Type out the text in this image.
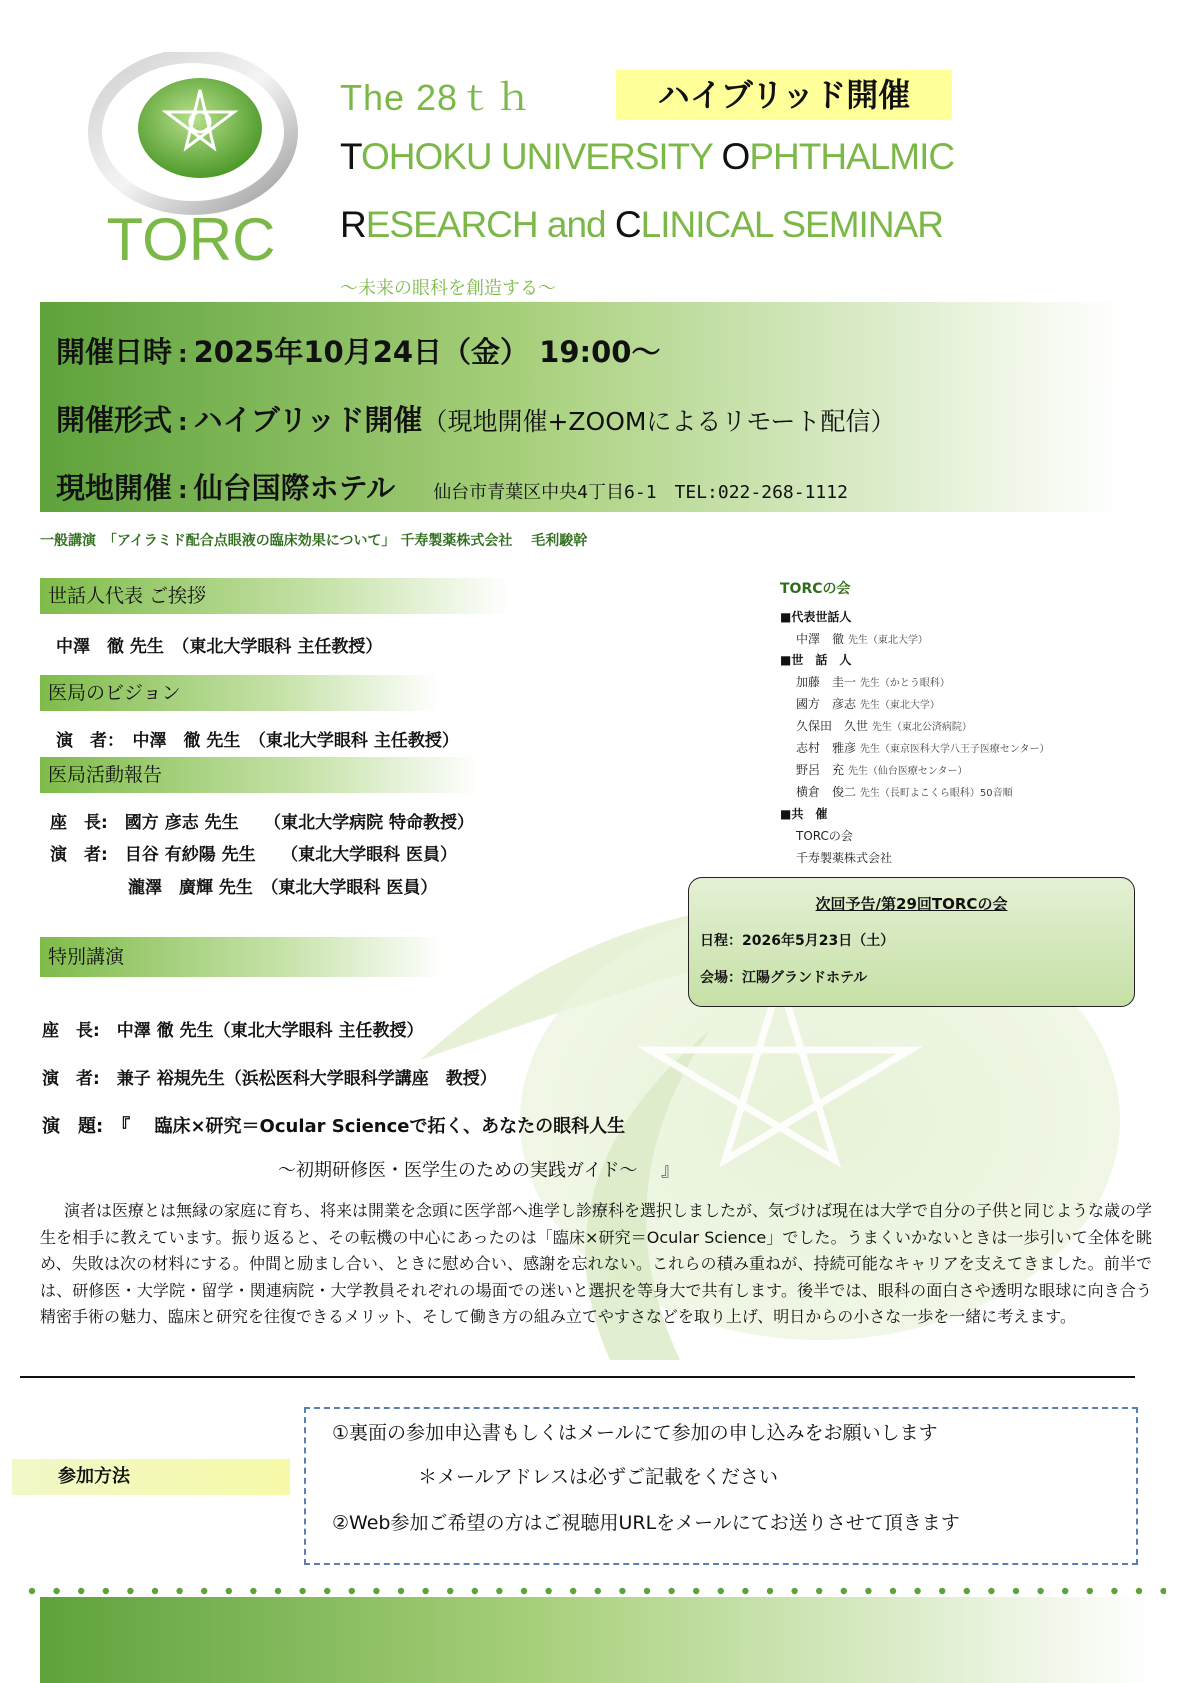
TORC
The 28ｔｈ	ハイブリッド開催
TOHOKU UNIVERSITY OPHTHALMIC
RESEARCH and CLINICAL SEMINAR
〜未来の眼科を創造する〜
開催日時 : 2025年10月24日（金） 19:00〜
開催形式 : ハイブリッド開催（現地開催+ZOOMによるリモート配信）
現地開催 : 仙台国際ホテル 仙台市青葉区中央4丁目6-1　TEL:022-268-1112
一般講演　「アイラミド配合点眼液の臨床効果について」 千寿製薬株式会社　 毛利駿幹
世話人代表 ご挨拶
中澤　徹 先生　（東北大学眼科 主任教授）
医局のビジョン
演　者：　中澤　徹 先生　（東北大学眼科 主任教授）
医局活動報告
座　長:　國方 彦志 先生　　（東北大学病院 特命教授）
演　者:　目谷 有紗陽 先生　　（東北大学眼科 医員）
瀧澤　廣輝 先生　（東北大学眼科 医員）
特別講演
座　長:　中澤 徹 先生（東北大学眼科 主任教授）
演　者:　兼子 裕規先生（浜松医科大学眼科学講座　教授）
演　題:　『　 臨床×研究＝Ocular Scienceで拓く、あなたの眼科人生
〜初期研修医・医学生のための実践ガイド〜　 』
TORCの会
■代表世話人
中澤　徹 先生（東北大学）
■世　話　人
加藤　圭一 先生（かとう眼科）
國方　彦志 先生（東北大学）
久保田　久世 先生（東北公済病院）
志村　雅彦 先生（東京医科大学八王子医療センター）
野呂　充 先生（仙台医療センター）
横倉　俊二 先生（長町よこくら眼科）50音順
■共　催
TORCの会
千寿製薬株式会社
次回予告/第29回TORCの会
日程：2026年5月23日（土）
会場：江陽グランドホテル

演者は医療とは無縁の家庭に育ち、将来は開業を念頭に医学部へ進学し診療科を選択しましたが、気づけば現在は大学で自分の子供と同じような歳の学生を相手に教えています。振り返ると、その転機の中心にあったのは「臨床×研究＝Ocular Science」でした。うまくいかないときは一歩引いて全体を眺め、失敗は次の材料にする。仲間と励まし合い、ときに慰め合い、感謝を忘れない。これらの積み重ねが、持続可能なキャリアを支えてきました。前半では、研修医・大学院・留学・関連病院・大学教員それぞれの場面での迷いと選択を等身大で共有します。後半では、眼科の面白さや透明な眼球に向き合う精密手術の魅力、臨床と研究を往復できるメリット、そして働き方の組み立てやすさなどを取り上げ、明日からの小さな一歩を一緒に考えます。

参加方法
①裏面の参加申込書もしくはメールにて参加の申し込みをお願いします
＊メールアドレスは必ずご記載をください
②Web参加ご希望の方はご視聴用URLをメールにてお送りさせて頂きます
